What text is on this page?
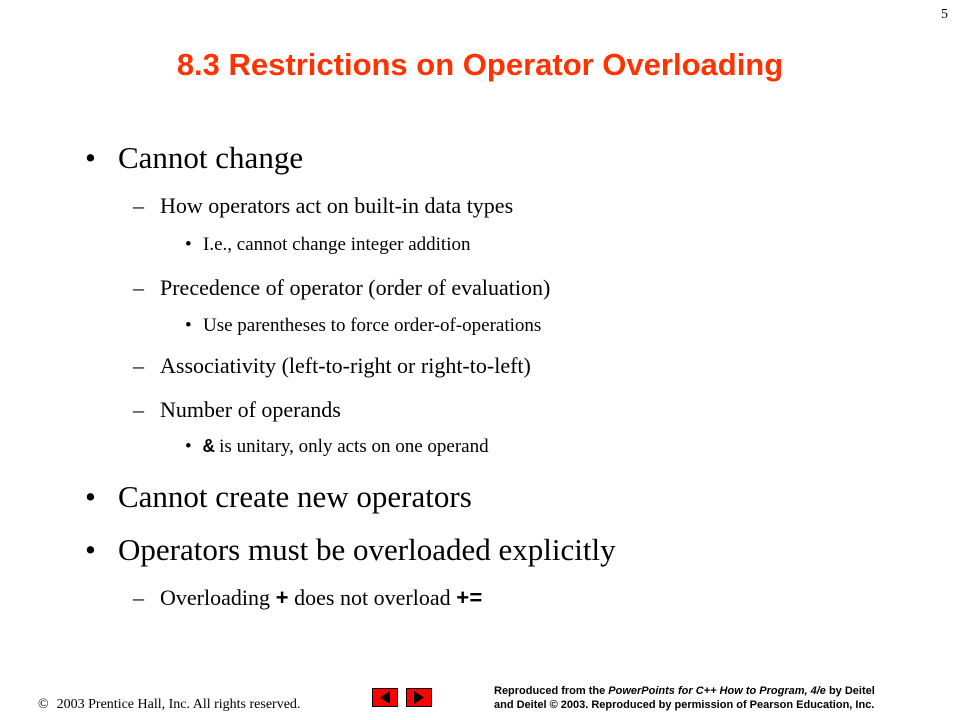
5
8.3 Restrictions on Operator Overloading
• Cannot change
– How operators act on built-in data types
• I.e., cannot change integer addition
– Precedence of operator (order of evaluation)
• Use parentheses to force order-of-operations
– Associativity (left-to-right or right-to-left)
– Number of operands
• & is unitary, only acts on one operand
• Cannot create new operators
• Operators must be overloaded explicitly
– Overloading + does not overload +=
© 2003 Prentice Hall, Inc. All rights reserved.
Reproduced from the PowerPoints for C++ How to Program, 4/e by Deitel
and Deitel © 2003. Reproduced by permission of Pearson Education, Inc.
